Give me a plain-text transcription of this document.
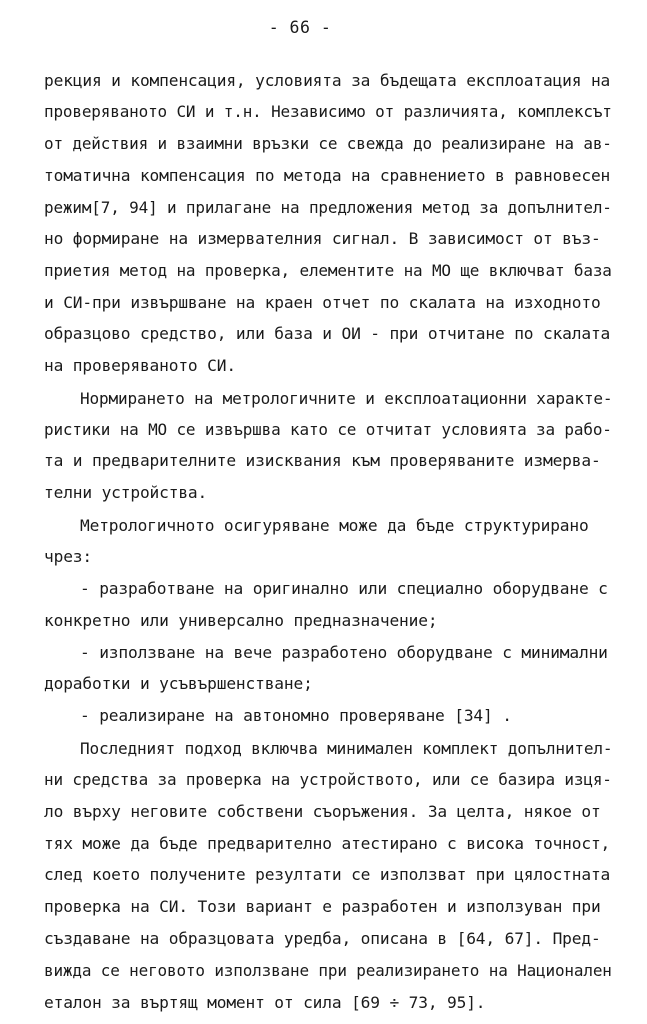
- 66 -
рекция и компенсация, условията за бъдещата експлоатация на
проверяваното СИ и т.н. Независимо от различията, комплексът
от действия и взаимни връзки се свежда до реализиране на ав-
томатична компенсация по метода на сравнението в равновесен
режим[7, 94] и прилагане на предложения метод за допълнител-
но формиране на измервателния сигнал. В зависимост от въз-
приетия метод на проверка, елементите на МО ще включват база
и СИ-при извършване на краен отчет по скалата на изходното
образцово средство, или база и ОИ - при отчитане по скалата
на проверяваното СИ.
Нормирането на метрологичните и експлоатационни характе-
ристики на МО се извършва като се отчитат условията за рабо-
та и предварителните изисквания към проверяваните измерва-
телни устройства.
Метрологичното осигуряване може да бъде структурирано
чрез:
- разработване на оригинално или специално оборудване с
конкретно или универсално предназначение;
- използване на вече разработено оборудване с минимални
доработки и усъвършенстване;
- реализиране на автономно проверяване [34] .
Последният подход включва минимален комплект допълнител-
ни средства за проверка на устройството, или се базира изця-
ло върху неговите собствени съоръжения. За целта, някое от
тях може да бъде предварително атестирано с висока точност,
след което получените резултати се използват при цялостната
проверка на СИ. Този вариант е разработен и използуван при
създаване на образцовата уредба, описана в [64, 67]. Пред-
вижда се неговото използване при реализирането на Национален
еталон за въртящ момент от сила [69 ÷ 73, 95].
